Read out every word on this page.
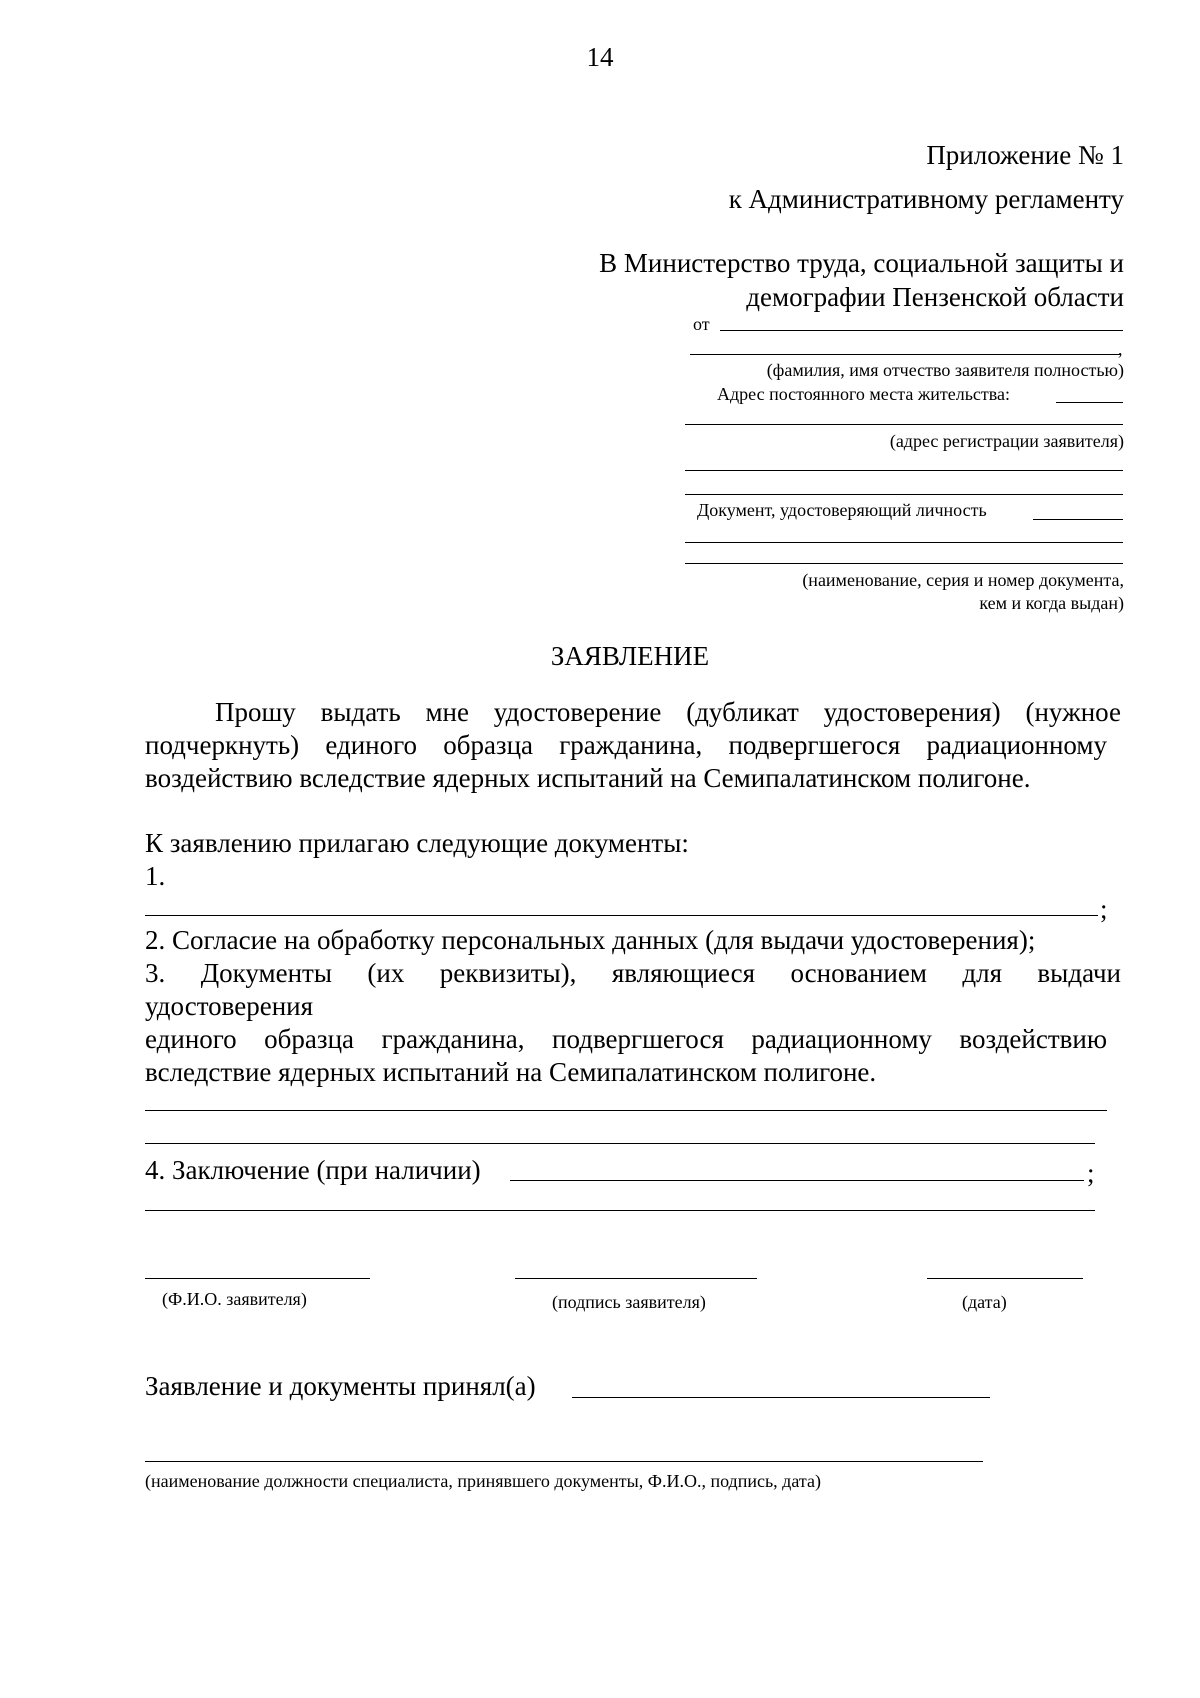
14
Приложение № 1
к Административному регламенту
В Министерство труда, социальной защиты и
демографии Пензенской области
от
,
(фамилия, имя отчество заявителя полностью)
Адрес постоянного места жительства:
(адрес регистрации заявителя)
Документ, удостоверяющий личность
(наименование, серия и номер документа,
кем и когда выдан)
ЗАЯВЛЕНИЕ
Прошу выдать мне удостоверение (дубликат удостоверения) (нужное
подчеркнуть) единого образца гражданина, подвергшегося радиационному
воздействию вследствие ядерных испытаний на Семипалатинском полигоне.
К заявлению прилагаю следующие документы:
1.
;
2. Согласие на обработку персональных данных (для выдачи удостоверения);
3. Документы (их реквизиты), являющиеся основанием для выдачи
удостоверения
единого образца гражданина, подвергшегося радиационному воздействию
вследствие ядерных испытаний на Семипалатинском полигоне.
4. Заключение (при наличии)	;
(Ф.И.О. заявителя)	(подпись заявителя)	(дата)
Заявление и документы принял(а)
(наименование должности специалиста, принявшего документы, Ф.И.О., подпись, дата)
